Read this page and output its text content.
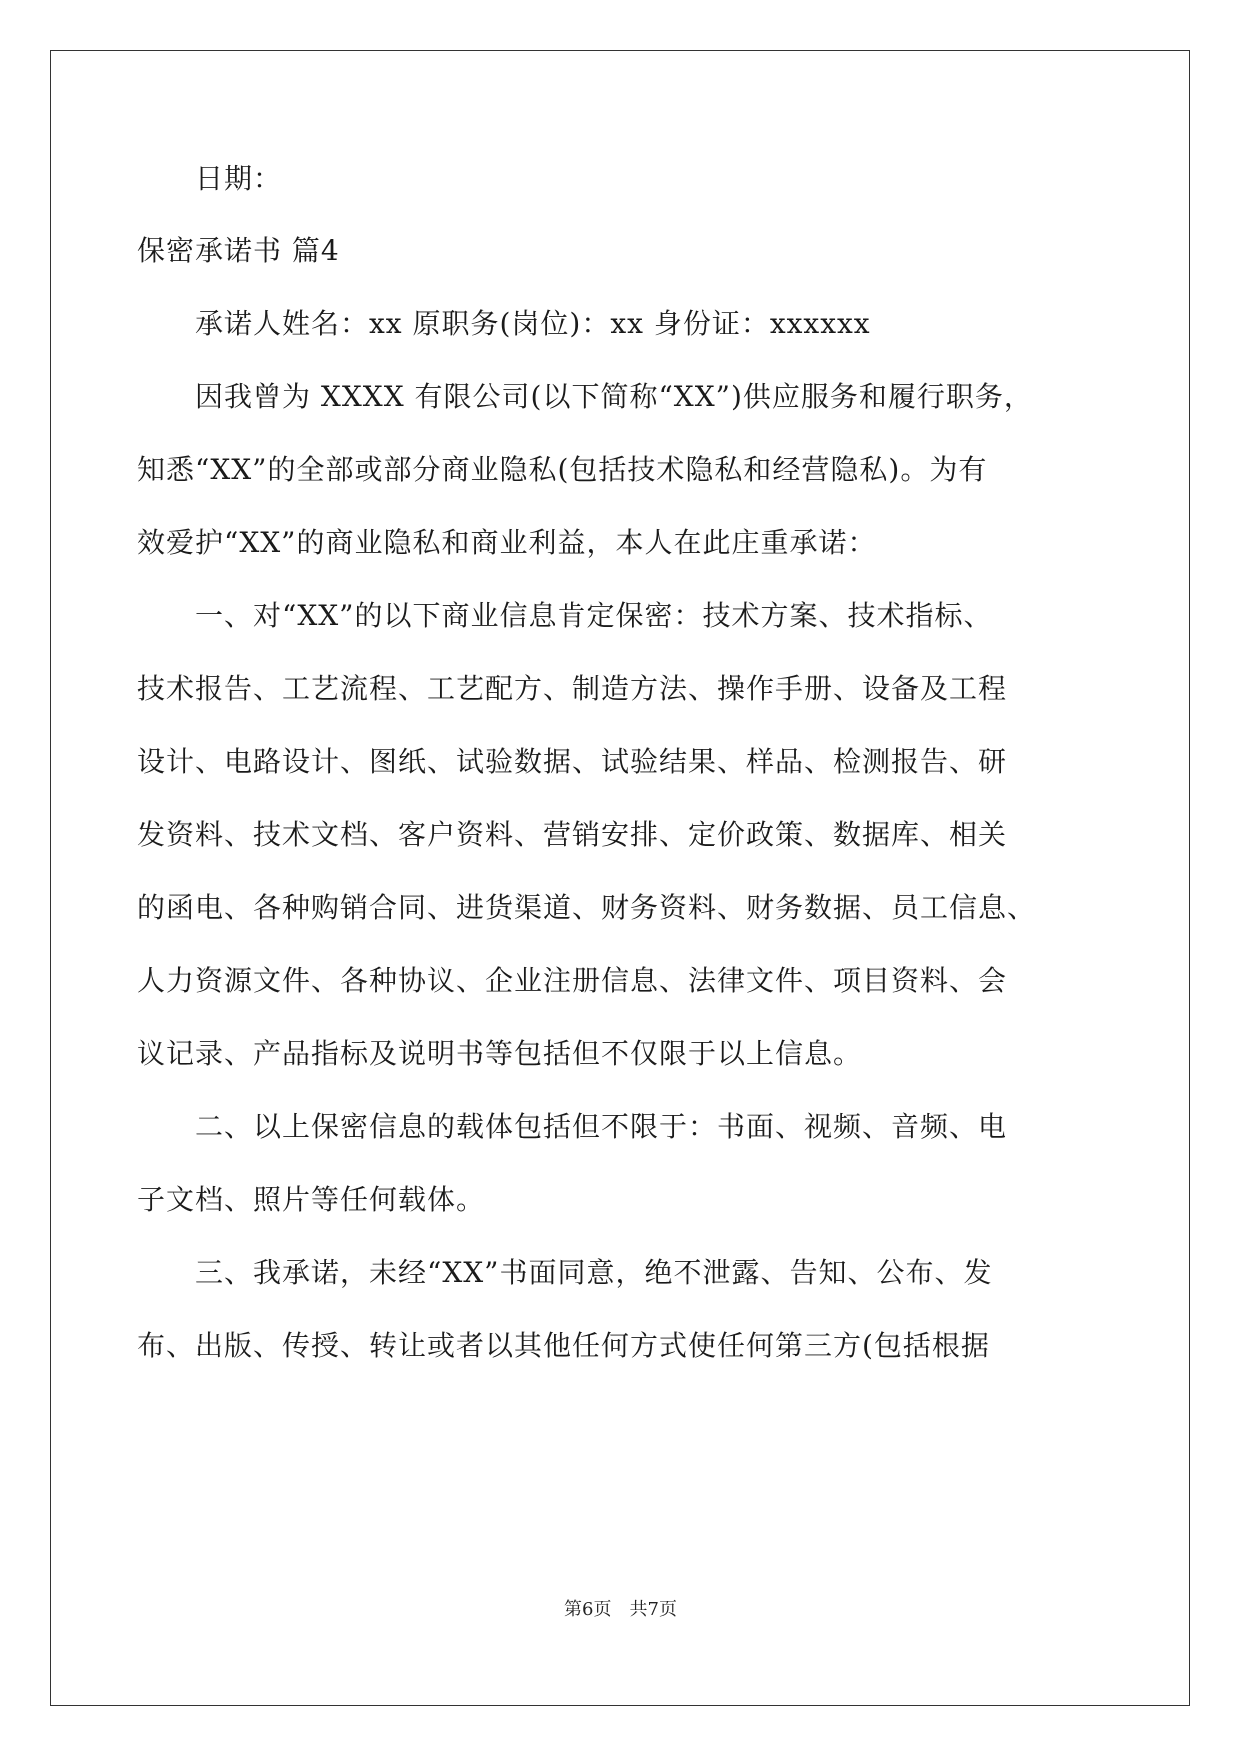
日期：
保密承诺书 篇4
承诺人姓名：xx 原职务(岗位)：xx 身份证：xxxxxx
因我曾为 XXXX 有限公司(以下简称“XX”)供应服务和履行职务，
知悉“XX”的全部或部分商业隐私(包括技术隐私和经营隐私)。为有
效爱护“XX”的商业隐私和商业利益，本人在此庄重承诺：
一、对“XX”的以下商业信息肯定保密：技术方案、技术指标、
技术报告、工艺流程、工艺配方、制造方法、操作手册、设备及工程
设计、电路设计、图纸、试验数据、试验结果、样品、检测报告、研
发资料、技术文档、客户资料、营销安排、定价政策、数据库、相关
的函电、各种购销合同、进货渠道、财务资料、财务数据、员工信息、
人力资源文件、各种协议、企业注册信息、法律文件、项目资料、会
议记录、产品指标及说明书等包括但不仅限于以上信息。
二、以上保密信息的载体包括但不限于：书面、视频、音频、电
子文档、照片等任何载体。
三、我承诺，未经“XX”书面同意，绝不泄露、告知、公布、发
布、出版、传授、转让或者以其他任何方式使任何第三方(包括根据
第6页　共7页
